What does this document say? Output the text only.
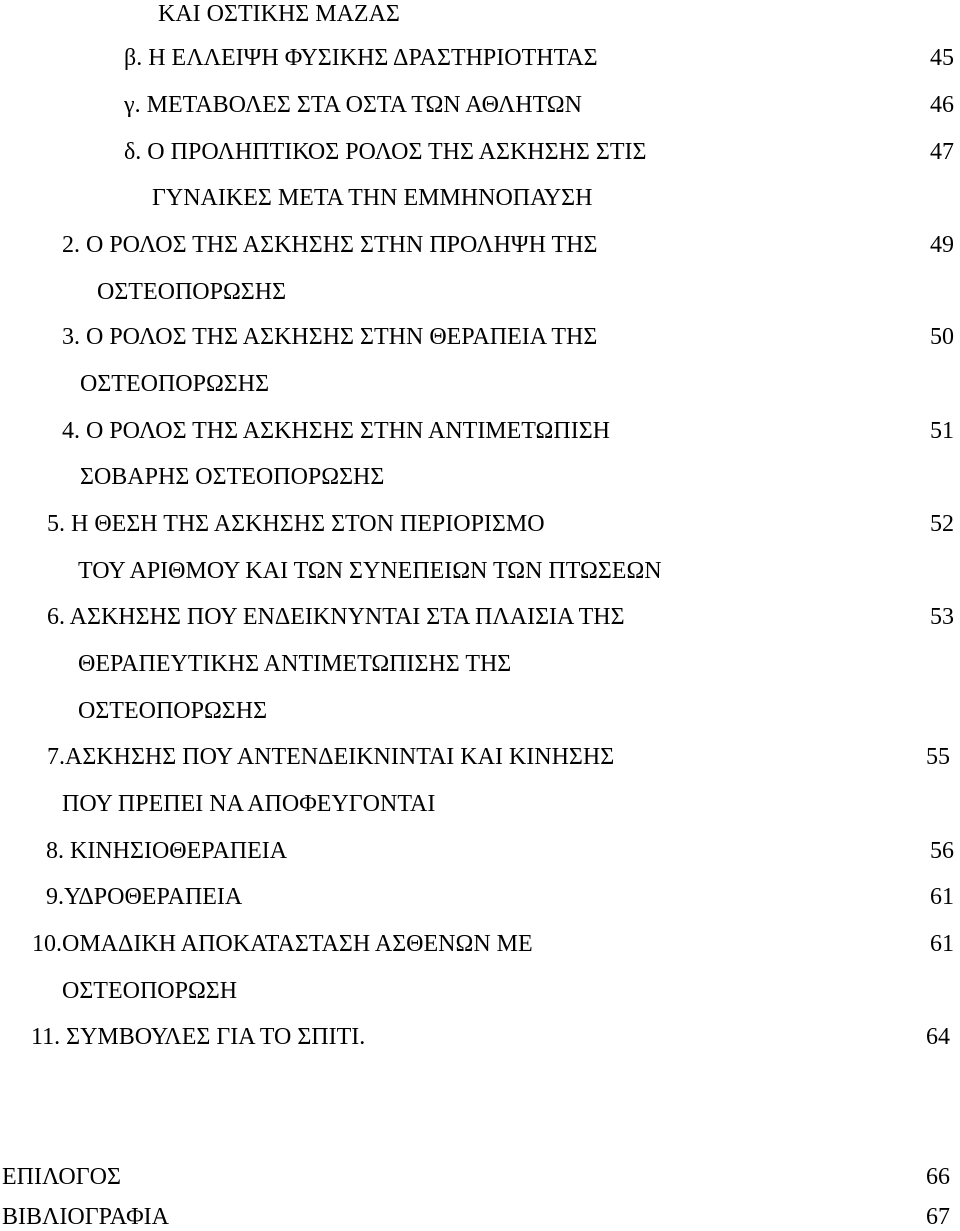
ΚΑΙ ΟΣΤΙΚΗΣ ΜΑΖΑΣ
β. Η ΕΛΛΕΙΨΗ ΦΥΣΙΚΗΣ ΔΡΑΣΤΗΡΙΟΤΗΤΑΣ	45
γ. ΜΕΤΑΒΟΛΕΣ ΣΤΑ ΟΣΤΑ ΤΩΝ ΑΘΛΗΤΩΝ	46
δ. Ο ΠΡΟΛΗΠΤΙΚΟΣ ΡΟΛΟΣ ΤΗΣ ΑΣΚΗΣΗΣ ΣΤΙΣ	47
ΓΥΝΑΙΚΕΣ ΜΕΤΑ ΤΗΝ ΕΜΜΗΝΟΠΑΥΣΗ
2. Ο ΡΟΛΟΣ ΤΗΣ ΑΣΚΗΣΗΣ ΣΤΗΝ ΠΡΟΛΗΨΗ ΤΗΣ	49
ΟΣΤΕΟΠΟΡΩΣΗΣ
3. Ο ΡΟΛΟΣ ΤΗΣ ΑΣΚΗΣΗΣ ΣΤΗΝ ΘΕΡΑΠΕΙΑ ΤΗΣ	50
ΟΣΤΕΟΠΟΡΩΣΗΣ
4. Ο ΡΟΛΟΣ ΤΗΣ ΑΣΚΗΣΗΣ ΣΤΗΝ ΑΝΤΙΜΕΤΩΠΙΣΗ	51
ΣΟΒΑΡΗΣ ΟΣΤΕΟΠΟΡΩΣΗΣ
5. Η ΘΕΣΗ ΤΗΣ ΑΣΚΗΣΗΣ ΣΤΟΝ ΠΕΡΙΟΡΙΣΜΟ	52
ΤΟΥ ΑΡΙΘΜΟΥ ΚΑΙ ΤΩΝ ΣΥΝΕΠΕΙΩΝ ΤΩΝ ΠΤΩΣΕΩΝ
6. ΑΣΚΗΣΗΣ ΠΟΥ ΕΝΔΕΙΚΝΥΝΤΑΙ ΣΤΑ ΠΛΑΙΣΙΑ ΤΗΣ	53
ΘΕΡΑΠΕΥΤΙΚΗΣ ΑΝΤΙΜΕΤΩΠΙΣΗΣ ΤΗΣ
ΟΣΤΕΟΠΟΡΩΣΗΣ
7.ΑΣΚΗΣΗΣ ΠΟΥ ΑΝΤΕΝΔΕΙΚΝΙΝΤΑΙ ΚΑΙ ΚΙΝΗΣΗΣ	55
ΠΟΥ ΠΡΕΠΕΙ ΝΑ ΑΠΟΦΕΥΓΟΝΤΑΙ
8. ΚΙΝΗΣΙΟΘΕΡΑΠΕΙΑ	56
9.ΥΔΡΟΘΕΡΑΠΕΙΑ	61
10.ΟΜΑΔΙΚΗ ΑΠΟΚΑΤΑΣΤΑΣΗ ΑΣΘΕΝΩΝ ΜΕ	61
ΟΣΤΕΟΠΟΡΩΣΗ
11. ΣΥΜΒΟΥΛΕΣ ΓΙΑ ΤΟ ΣΠΙΤΙ.	64
ΕΠΙΛΟΓΟΣ	66
ΒΙΒΛΙΟΓΡΑΦΙΑ	67
